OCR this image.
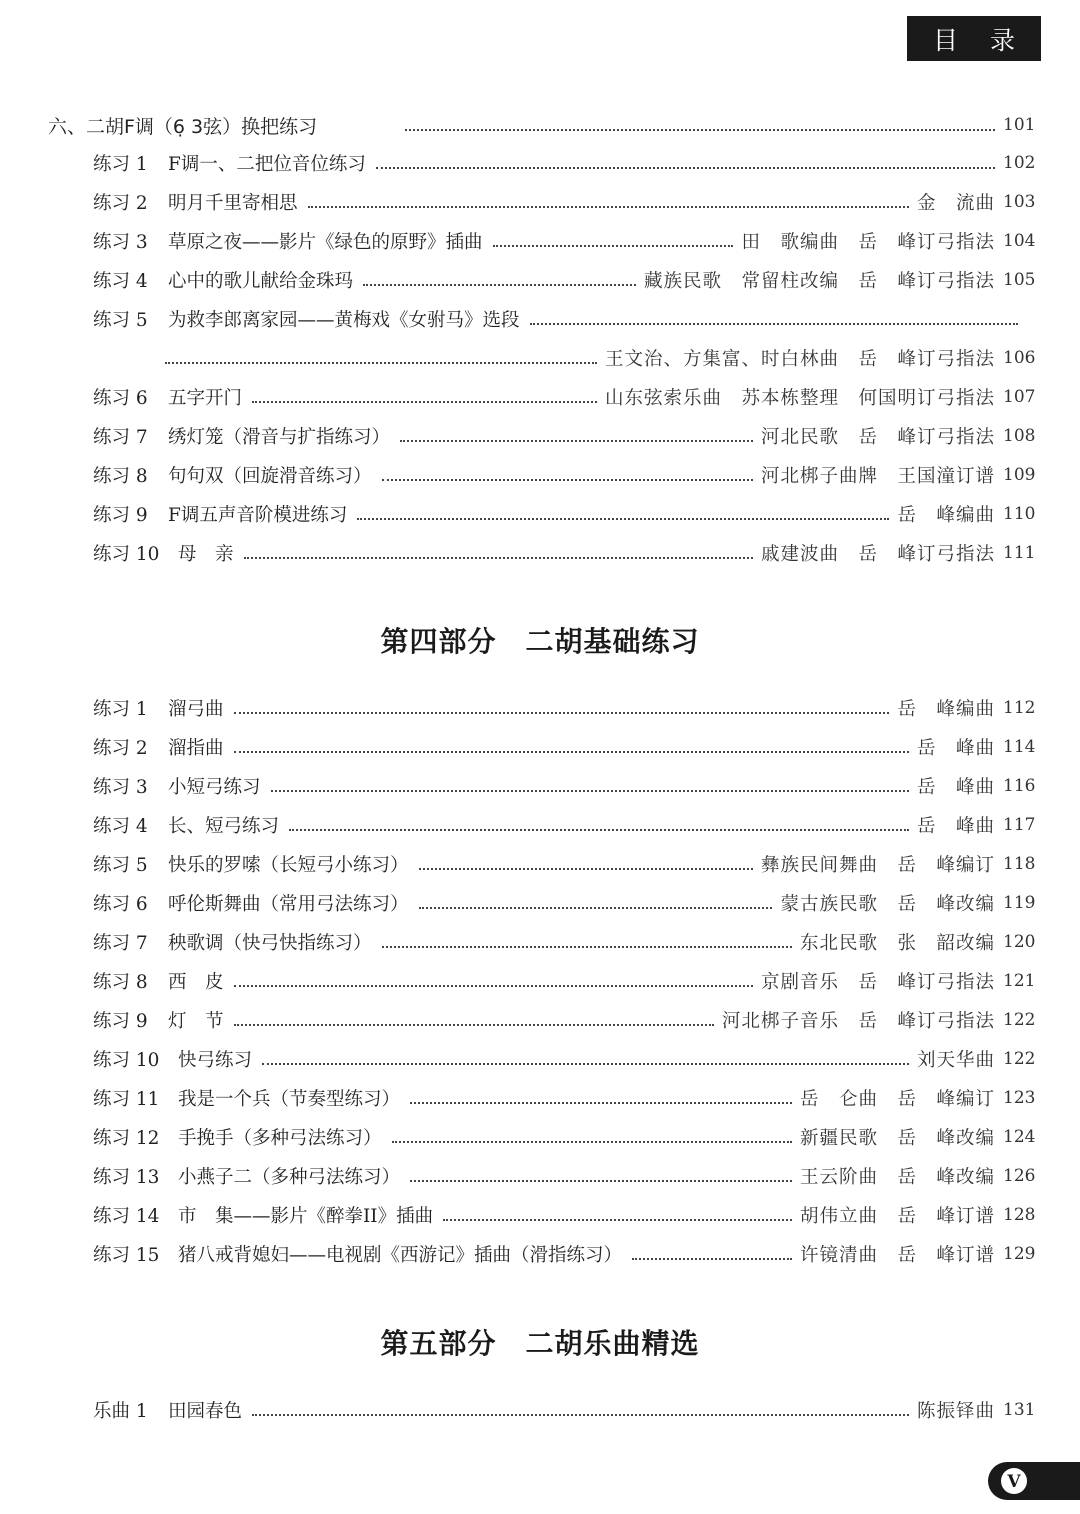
目 录
六、二胡F调（6̣ 3弦）换把练习	101
练习 1 F调一、二把位音位练习	102
练习 2 明月千里寄相思	金　流曲 103
练习 3 草原之夜——影片《绿色的原野》插曲	田　歌编曲　岳　峰订弓指法 104
练习 4 心中的歌儿献给金珠玛	藏族民歌　常留柱改编　岳　峰订弓指法 105
练习 5 为救李郎离家园——黄梅戏《女驸马》选段
王文治、方集富、时白林曲　岳　峰订弓指法 106
练习 6 五字开门	山东弦索乐曲　苏本栋整理　何国明订弓指法 107
练习 7 绣灯笼（滑音与扩指练习）	河北民歌　岳　峰订弓指法 108
练习 8 句句双（回旋滑音练习）	河北梆子曲牌　王国潼订谱 109
练习 9 F调五声音阶模进练习	岳　峰编曲 110
练习 10 母　亲	戚建波曲　岳　峰订弓指法 111
练习 1 溜弓曲	岳　峰编曲 112
练习 2 溜指曲	岳　峰曲 114
练习 3 小短弓练习	岳　峰曲 116
练习 4 长、短弓练习	岳　峰曲 117
练习 5 快乐的罗嗦（长短弓小练习）	彝族民间舞曲　岳　峰编订 118
练习 6 呼伦斯舞曲（常用弓法练习）	蒙古族民歌　岳　峰改编 119
练习 7 秧歌调（快弓快指练习）	东北民歌　张　韶改编 120
练习 8 西　皮	京剧音乐　岳　峰订弓指法 121
练习 9 灯　节	河北梆子音乐　岳　峰订弓指法 122
练习 10 快弓练习	刘天华曲 122
练习 11 我是一个兵（节奏型练习）	岳　仑曲　岳　峰编订 123
练习 12 手挽手（多种弓法练习）	新疆民歌　岳　峰改编 124
练习 13 小燕子二（多种弓法练习）	王云阶曲　岳　峰改编 126
练习 14 市　集——影片《醉拳II》插曲	胡伟立曲　岳　峰订谱 128
练习 15 猪八戒背媳妇——电视剧《西游记》插曲（滑指练习）	许镜清曲　岳　峰订谱 129
乐曲 1 田园春色	陈振铎曲 131
第四部分　二胡基础练习
第五部分　二胡乐曲精选
V
